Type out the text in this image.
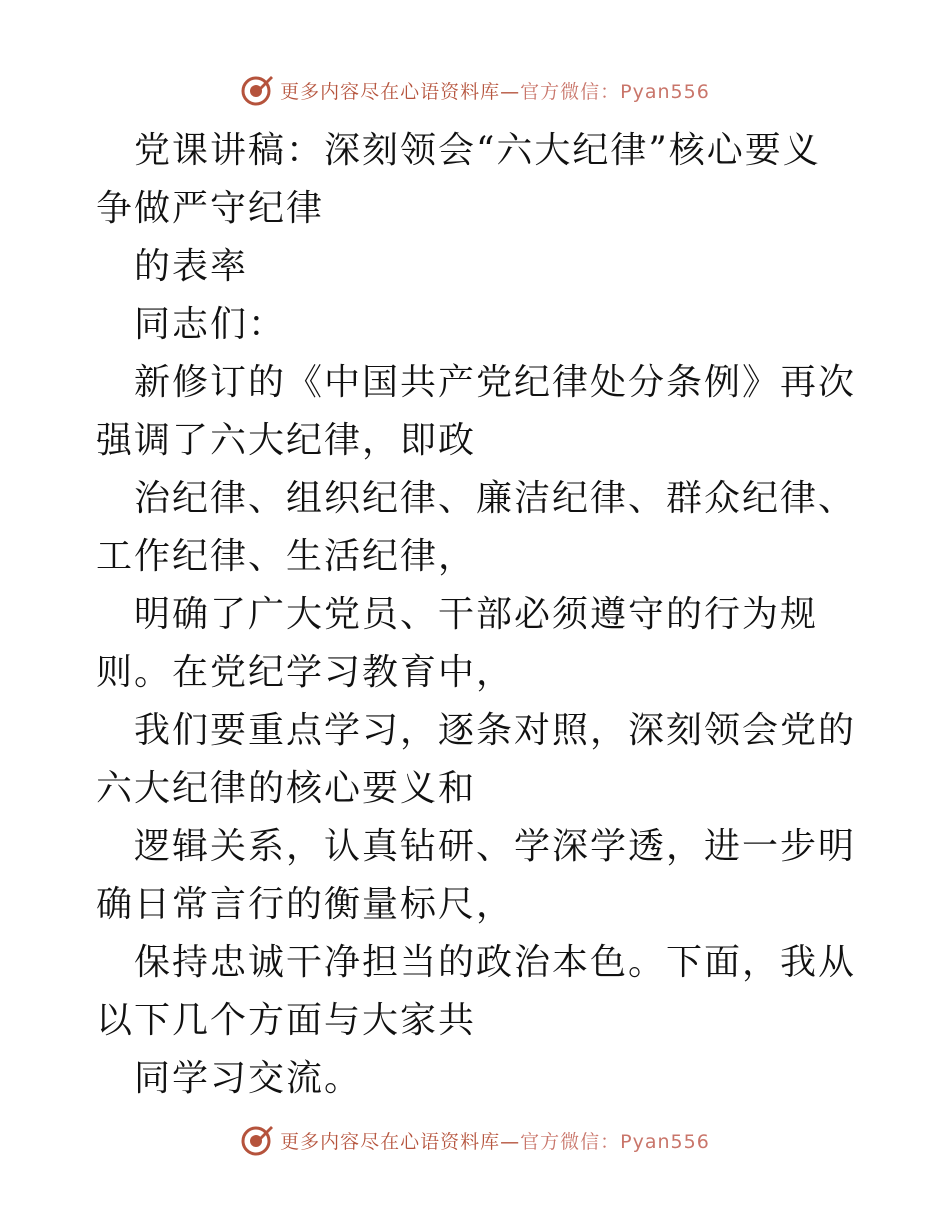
更多内容尽在心语资料库—官方微信：Pyan556

党课讲稿：深刻领会“六大纪律”核心要义争做严守纪律

的表率

同志们：

新修订的《中国共产党纪律处分条例》再次强调了六大纪律，即政

治纪律、组织纪律、廉洁纪律、群众纪律、工作纪律、生活纪律，

明确了广大党员、干部必须遵守的行为规则。在党纪学习教育中，

我们要重点学习，逐条对照，深刻领会党的六大纪律的核心要义和

逻辑关系，认真钻研、学深学透，进一步明确日常言行的衡量标尺，

保持忠诚干净担当的政治本色。下面，我从以下几个方面与大家共

同学习交流。

更多内容尽在心语资料库—官方微信：Pyan556
